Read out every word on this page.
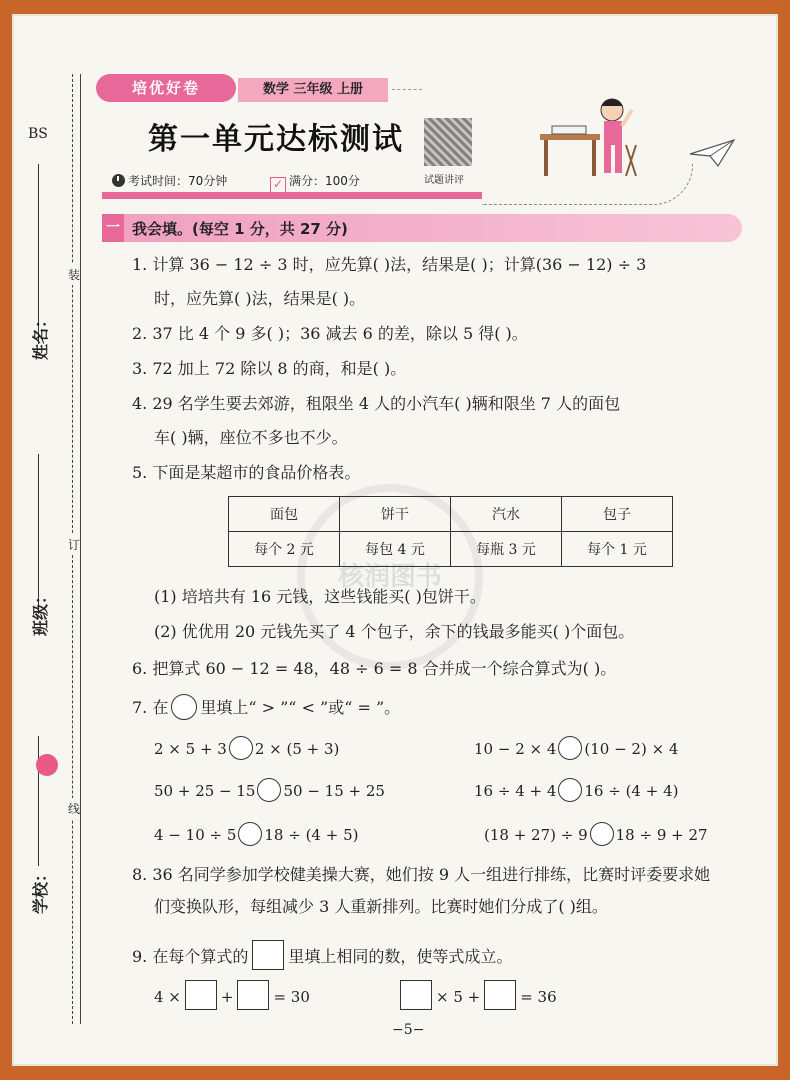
BS
姓名：
班级：
学校：
装
订
线
培优好卷	数学 三年级 上册
第一单元达标测试
试题讲评
考试时间：70分钟	✓ 满分：100分
核润图书
一 我会填。(每空 1 分，共 27 分)
1. 计算 36 − 12 ÷ 3 时，应先算( )法，结果是( )；计算(36 − 12) ÷ 3
时，应先算( )法，结果是( )。
2. 37 比 4 个 9 多( )；36 减去 6 的差，除以 5 得( )。
3. 72 加上 72 除以 8 的商，和是( )。
4. 29 名学生要去郊游，租限坐 4 人的小汽车( )辆和限坐 7 人的面包
车( )辆，座位不多也不少。
5. 下面是某超市的食品价格表。
面包	饼干	汽水	包子
每个 2 元	每包 4 元	每瓶 3 元	每个 1 元
(1) 培培共有 16 元钱，这些钱能买( )包饼干。
(2) 优优用 20 元钱先买了 4 个包子，余下的钱最多能买( )个面包。
6. 把算式 60 − 12 = 48，48 ÷ 6 = 8 合并成一个综合算式为( )。
7. 在 里填上“ > ”“ < ”或“ = ”。
2 × 5 + 3 2 × (5 + 3)	10 − 2 × 4 (10 − 2) × 4
50 + 25 − 15 50 − 15 + 25	16 ÷ 4 + 4 16 ÷ (4 + 4)
4 − 10 ÷ 5 18 ÷ (4 + 5)	(18 + 27) ÷ 9 18 ÷ 9 + 27
8. 36 名同学参加学校健美操大赛，她们按 9 人一组进行排练，比赛时评委要求她
们变换队形，每组减少 3 人重新排列。比赛时她们分成了( )组。
9. 在每个算式的	里填上相同的数，使等式成立。
4 ×	+	= 30	× 5 +	= 36
−5−
